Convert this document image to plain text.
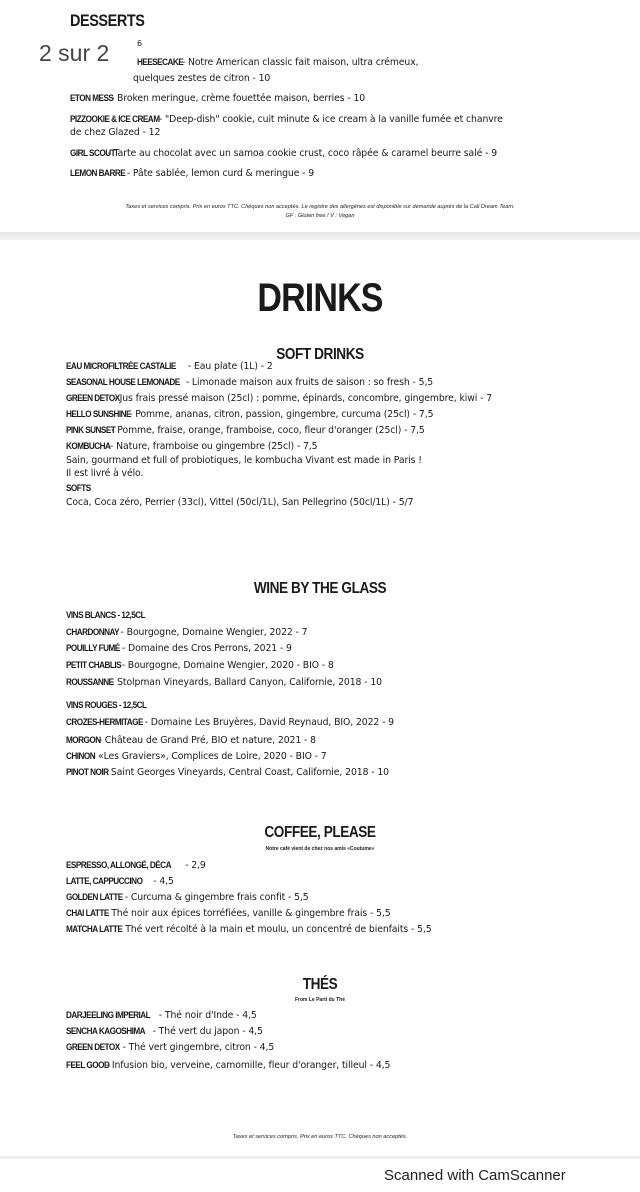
DESSERTS
2 sur 2	6
Taxes et services compris. Prix en euros TTC. Chèques non acceptés. Le registre des allergènes est disponible sur demande auprès de la Cali Dream Team.
GF : Gluten free / V : Vegan
HEESECAKE - Notre American classic fait maison, ultra crémeux,
quelques zestes de citron - 10
ETON MESS - Broken meringue, crème fouettée maison, berries - 10
PIZZOOKIE & ICE CREAM - "Deep-dish" cookie, cuit minute & ice cream à la vanille fumée et chanvre
de chez Glazed - 12
GIRL SCOUT - Tarte au chocolat avec un samoa cookie crust, coco râpée & caramel beurre salé - 9
LEMON BARRE - Pâte sablée, lemon curd & meringue - 9
DRINKS
Taxes et services compris. Prix en euros TTC. Chèques non acceptés.
SOFT DRINKS
EAU MICROFILTRÉE CASTALIE - Eau plate (1L) - 2
SEASONAL HOUSE LEMONADE - Limonade maison aux fruits de saison : so fresh - 5,5
GREEN DETOX - Jus frais pressé maison (25cl) : pomme, épinards, concombre, gingembre, kiwi - 7
HELLO SUNSHINE - Pomme, ananas, citron, passion, gingembre, curcuma (25cl) - 7,5
PINK SUNSET - Pomme, fraise, orange, framboise, coco, fleur d'oranger (25cl) - 7,5
KOMBUCHA - Nature, framboise ou gingembre (25cl) - 7,5
Sain, gourmand et full of probiotiques, le kombucha Vivant est made in Paris !
Il est livré à vélo.
SOFTS
Coca, Coca zéro, Perrier (33cl), Vittel (50cl/1L), San Pellegrino (50cl/1L) - 5/7
WINE BY THE GLASS
VINS BLANCS - 12,5CL
CHARDONNAY - Bourgogne, Domaine Wengier, 2022 - 7
POUILLY FUMÉ - Domaine des Cros Perrons, 2021 - 9
PETIT CHABLIS - Bourgogne, Domaine Wengier, 2020 - BIO - 8
ROUSSANNE - Stolpman Vineyards, Ballard Canyon, Californie, 2018 - 10
VINS ROUGES - 12,5CL
CROZES-HERMITAGE - Domaine Les Bruyères, David Reynaud, BIO, 2022 - 9
MORGON - Château de Grand Pré, BIO et nature, 2021 - 8
CHINON - «Les Graviers», Complices de Loire, 2020 - BIO - 7
PINOT NOIR - Saint Georges Vineyards, Central Coast, Californie, 2018 - 10
COFFEE, PLEASE
Notre café vient de chez nos amis «Coutume»
ESPRESSO, ALLONGÉ, DÉCA - 2,9
LATTE, CAPPUCCINO - 4,5
GOLDEN LATTE - Curcuma & gingembre frais confit - 5,5
CHAI LATTE - Thé noir aux épices torréfiées, vanille & gingembre frais - 5,5
MATCHA LATTE - Thé vert récolté à la main et moulu, un concentré de bienfaits - 5,5
THÉS
From Le Parti du Thé
DARJEELING IMPERIAL - Thé noir d'Inde - 4,5
SENCHA KAGOSHIMA - Thé vert du japon - 4,5
GREEN DETOX - Thé vert gingembre, citron - 4,5
FEEL GOOD - Infusion bio, verveine, camomille, fleur d'oranger, tilleul - 4,5
Scanned with CamScanner
